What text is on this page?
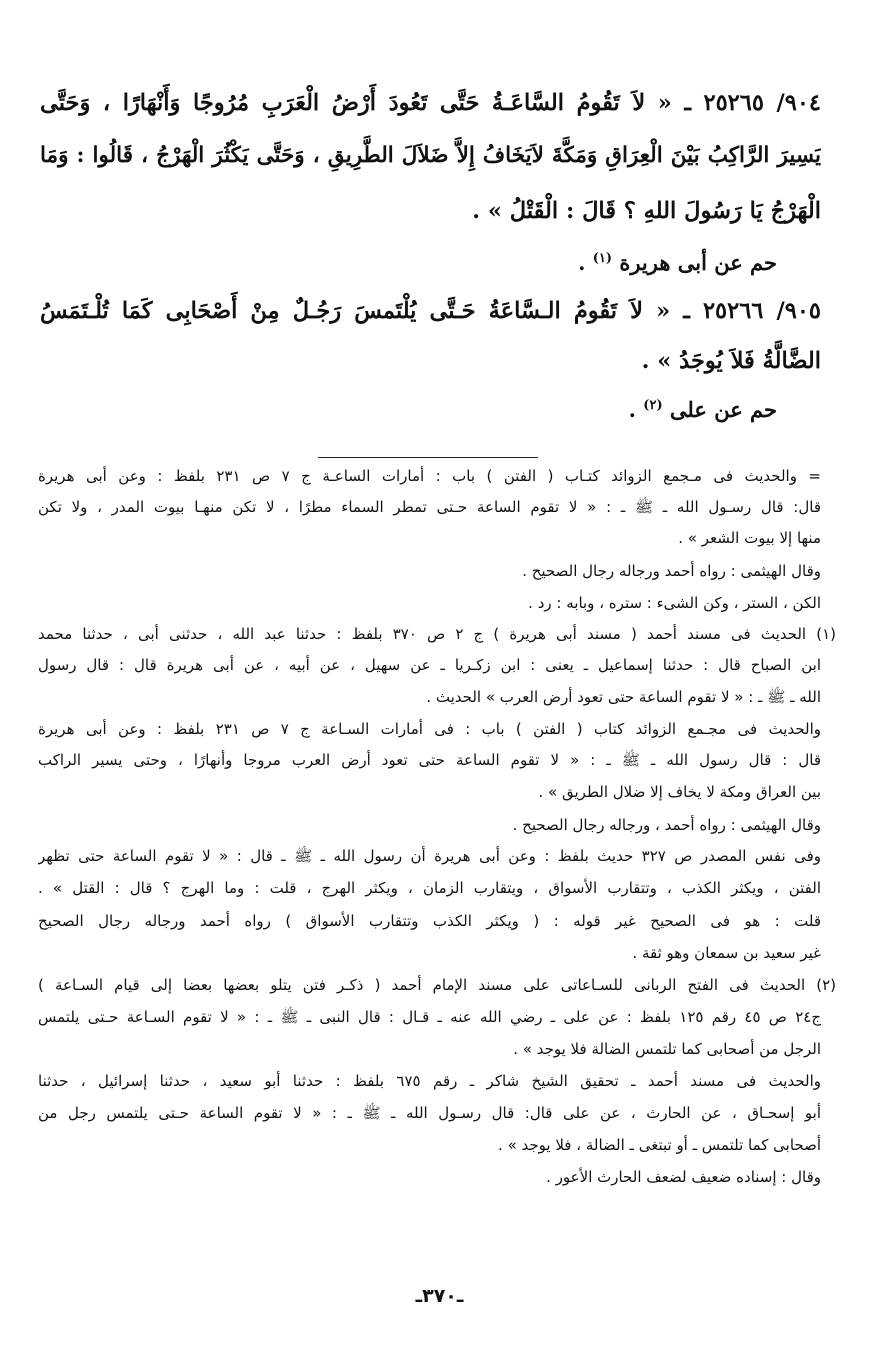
٩٠٤/ ٢٥٢٦٥ ـ « لاَ تَقُومُ السَّاعَـةُ حَتَّى تَعُودَ أَرْضُ الْعَرَبِ مُرُوجًا وَأَنْهَارًا ، وَحَتَّى
يَسِيرَ الرَّاكِبُ بَيْنَ الْعِرَاقِ وَمَكَّةَ لاَيَخَافُ إِلاَّ ضَلاَلَ الطَّرِيقِ ، وَحَتَّى يَكْثُرَ الْهَرْجُ ، قَالُوا : وَمَا
الْهَرْجُ يَا رَسُولَ اللهِ ؟ قَالَ : الْقَتْلُ » .
حم عن أبى هريرة $^{(١)}$ .
٩٠٥/ ٢٥٢٦٦ ـ « لاَ تَقُومُ الـسَّاعَةُ حَـتَّى يُلْتَمسَ رَجُـلٌ مِنْ أَصْحَابِى كَمَا تُلْـتَمَسُ
الضَّالَّةُ فَلاَ يُوجَدُ » .
حم عن على $^{(٢)}$ .
= والحديث فى مـجمع الزوائد كتـاب ( الفتن ) باب : أمارات الساعـة ج ٧ ص ٢٣١ بلفظ : وعن أبى هريرة
قال: قال رسـول الله ـ ﷺ ـ : « لا تقوم الساعة حـتى تمطر السماء مطرًا ، لا تكن منهـا بيوت المدر ، ولا تكن
منها إلا بيوت الشعر » .
وقال الهيثمى : رواه أحمد ورجاله رجال الصحيح .
الكن ، الستر ، وكن الشىء : ستره ، وبابه : رد .
(١) الحديث فى مسند أحمد ( مسند أبى هريرة ) ج ٢ ص ٣٧٠ بلفظ : حدثنا عبد الله ، حدثنى أبى ، حدثنا محمد
ابن الصباح قال : حدثنا إسماعيل ـ يعنى : ابن زكـريا ـ عن سهيل ، عن أبيه ، عن أبى هريرة قال : قال رسول
الله ـ ﷺ ـ : « لا تقوم الساعة حتى تعود أرض العرب » الحديث .
والحديث فى مجـمع الزوائد كتاب ( الفتن ) باب : فى أمارات السـاعة ج ٧ ص ٢٣١ بلفظ : وعن أبى هريرة
قال : قال رسول الله ـ ﷺ ـ : « لا تقوم الساعة حتى تعود أرض العرب مروجا وأنهارًا ، وحتى يسير الراكب
بين العراق ومكة لا يخاف إلا ضلال الطريق » .
وقال الهيثمى : رواه أحمد ، ورجاله رجال الصحيح .
وفى نفس المصدر ص ٣٢٧ حديث بلفظ : وعن أبى هريرة أن رسول الله ـ ﷺ ـ قال : « لا تقوم الساعة حتى تظهر
الفتن ، ويكثر الكذب ، وتتقارب الأسواق ، ويتقارب الزمان ، ويكثر الهرج ، قلت : وما الهرج ؟ قال : القتل » .
قلت : هو فى الصحيح غير قوله : ( ويكثر الكذب وتتقارب الأسواق ) رواه أحمد ورجاله رجال الصحيح
غير سعيد بن سمعان وهو ثقة .
(٢) الحديث فى الفتح الربانى للسـاعاتى على مسند الإمام أحمد ( ذكـر فتن يتلو بعضها بعضا إلى قيام السـاعة )
ج٢٤ ص ٤٥ رقم ١٢٥ بلفظ : عن على ـ رضي الله عنه ـ قـال : قال النبى ـ ﷺ ـ : « لا تقوم السـاعة حـتى يلتمس
الرجل من أصحابى كما تلتمس الضالة فلا يوجد » .
والحديث فى مسند أحمد ـ تحقيق الشيخ شاكر ـ رقم ٦٧٥ بلفظ : حدثنا أبو سعيد ، حدثنا إسرائيل ، حدثنا
أبو إسحـاق ، عن الحارث ، عن على قال: قال رسـول الله ـ ﷺ ـ : « لا تقوم الساعة حـتى يلتمس رجل من
أصحابى كما تلتمس ـ أو تبتغى ـ الضالة ، فلا يوجد » .
وقال : إسناده ضعيف لضعف الحارث الأعور .
ـ٣٧٠ـ
